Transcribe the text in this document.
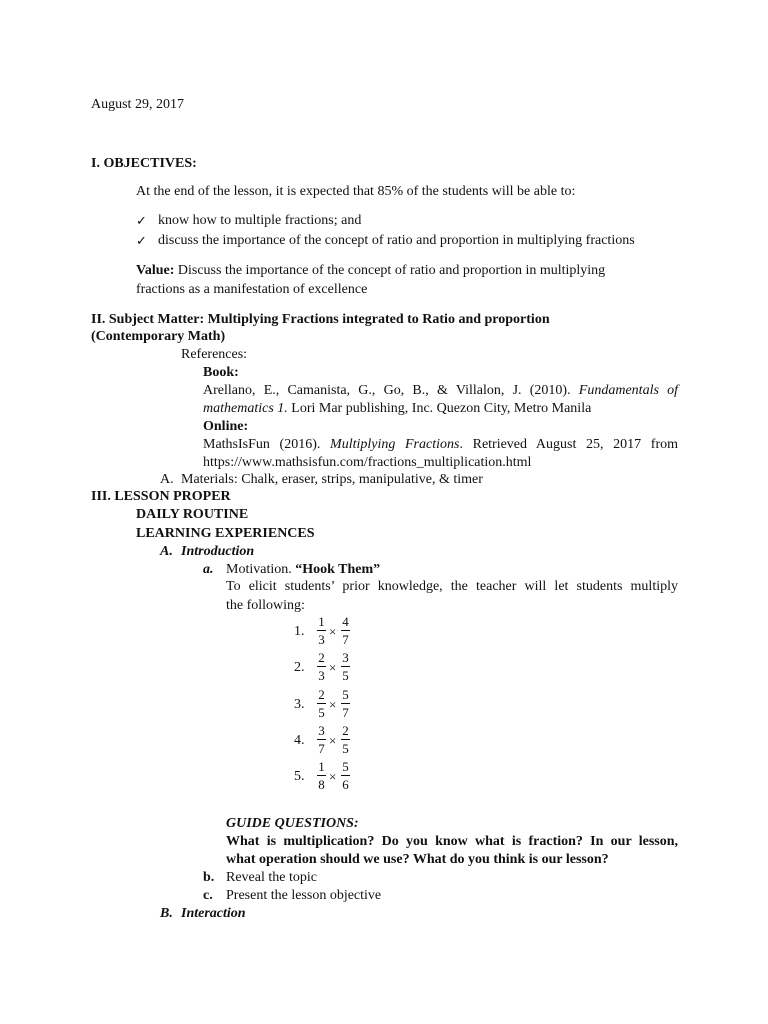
August 29, 2017
I. OBJECTIVES:
At the end of the lesson, it is expected that 85% of the students will be able to:
✓ know how to multiple fractions; and
✓ discuss the importance of the concept of ratio and proportion in multiplying fractions
Value: Discuss the importance of the concept of ratio and proportion in multiplying
fractions as a manifestation of excellence
II. Subject Matter: Multiplying Fractions integrated to Ratio and proportion
(Contemporary Math)
References:
Book:
Arellano, E., Camanista, G., Go, B., & Villalon, J. (2010). Fundamentals of
mathematics 1. Lori Mar publishing, Inc. Quezon City, Metro Manila
Online:
MathsIsFun (2016). Multiplying Fractions. Retrieved August 25, 2017 from
https://www.mathsisfun.com/fractions_multiplication.html
A. Materials: Chalk, eraser, strips, manipulative, & timer
III. LESSON PROPER
DAILY ROUTINE
LEARNING EXPERIENCES
A. Introduction
a. Motivation. “Hook Them”
To elicit students’ prior knowledge, the teacher will let students multiply
the following:
1. $\frac{1}{3} \times \frac{4}{7}$
2. $\frac{2}{3} \times \frac{3}{5}$
3. $\frac{2}{5} \times \frac{5}{7}$
4. $\frac{3}{7} \times \frac{2}{5}$
5. $\frac{1}{8} \times \frac{5}{6}$
GUIDE QUESTIONS:
What is multiplication? Do you know what is fraction? In our lesson,
what operation should we use? What do you think is our lesson?
b. Reveal the topic
c. Present the lesson objective
B. Interaction
